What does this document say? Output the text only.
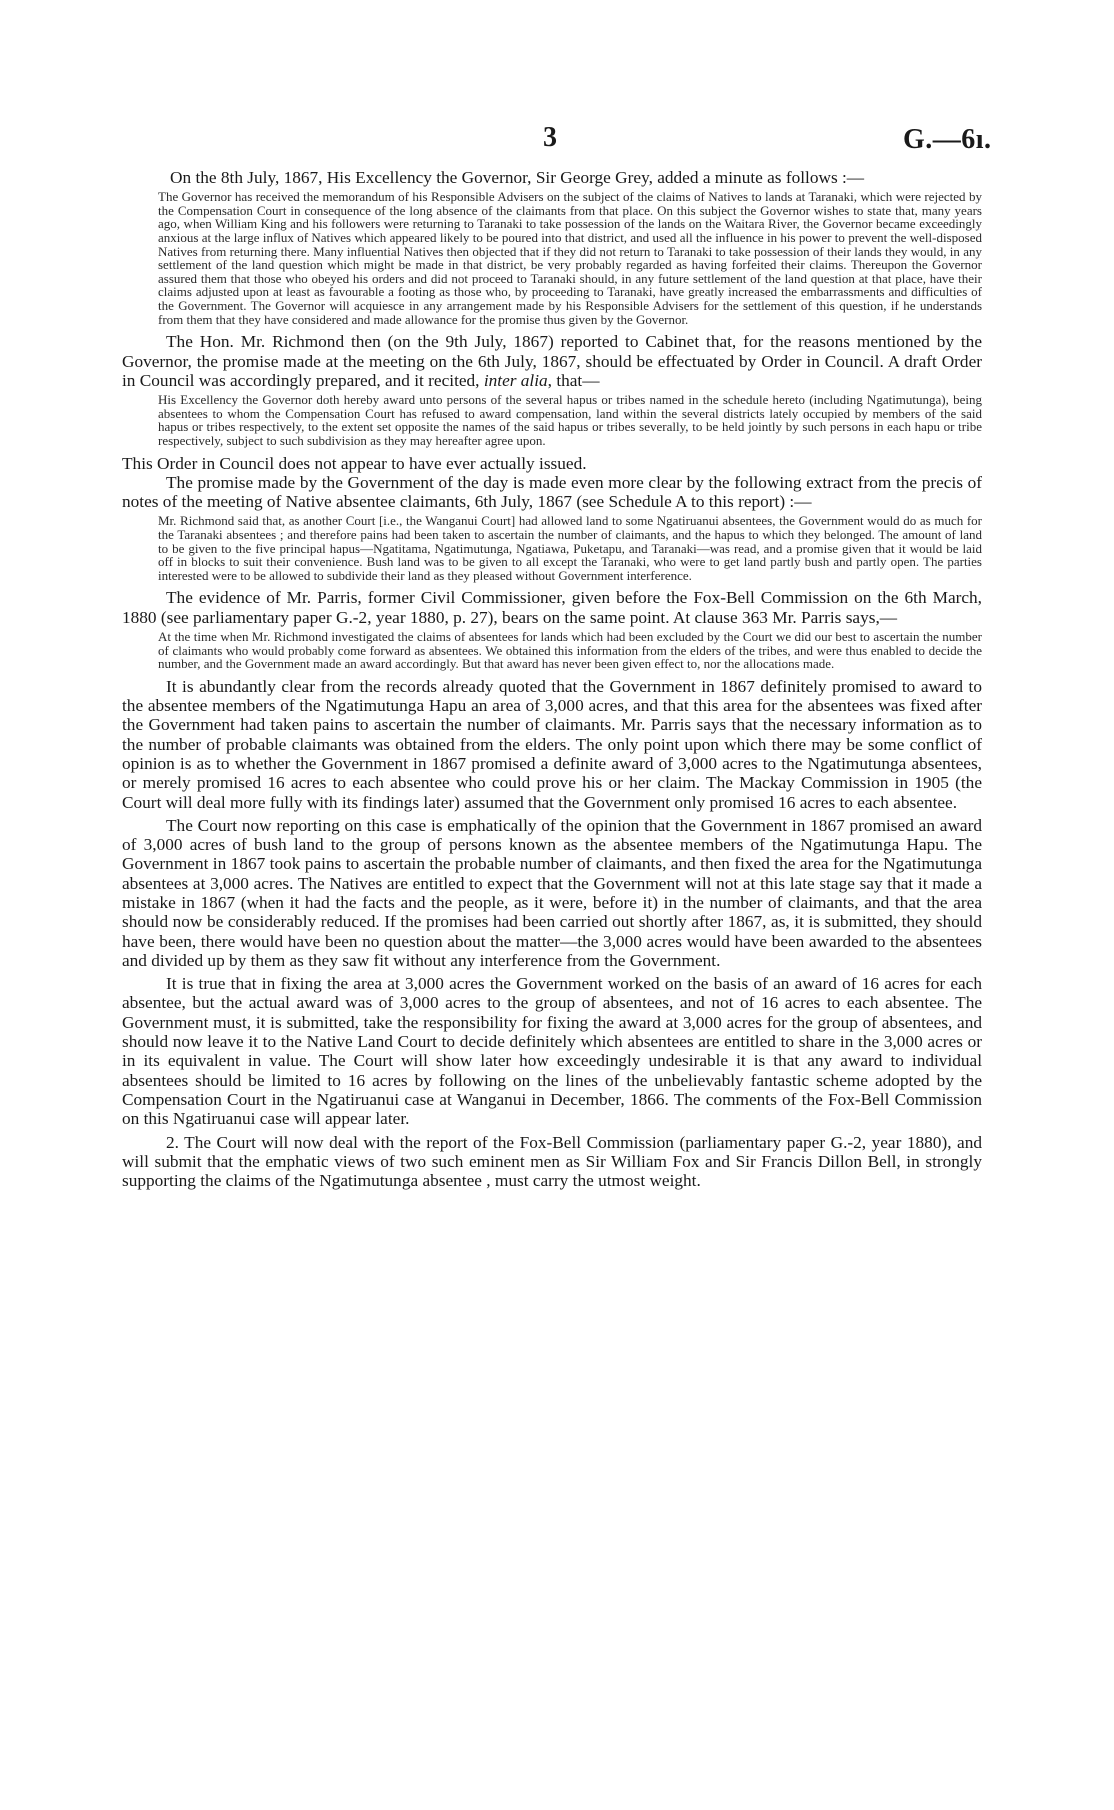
3	G.—6ı.

On the 8th July, 1867, His Excellency the Governor, Sir George Grey, added a minute as follows :—

The Governor has received the memorandum of his Responsible Advisers on the subject of the claims of Natives to lands at Taranaki, which were rejected by the Compensation Court in consequence of the long absence of the claimants from that place. On this subject the Governor wishes to state that, many years ago, when William King and his followers were returning to Taranaki to take possession of the lands on the Waitara River, the Governor became exceedingly anxious at the large influx of Natives which appeared likely to be poured into that district, and used all the influence in his power to prevent the well-disposed Natives from returning there. Many influential Natives then objected that if they did not return to Taranaki to take possession of their lands they would, in any settlement of the land question which might be made in that district, be very probably regarded as having forfeited their claims. Thereupon the Governor assured them that those who obeyed his orders and did not proceed to Taranaki should, in any future settlement of the land question at that place, have their claims adjusted upon at least as favourable a footing as those who, by proceeding to Taranaki, have greatly increased the embarrassments and difficulties of the Government. The Governor will acquiesce in any arrangement made by his Responsible Advisers for the settlement of this question, if he understands from them that they have considered and made allowance for the promise thus given by the Governor.

The Hon. Mr. Richmond then (on the 9th July, 1867) reported to Cabinet that, for the reasons mentioned by the Governor, the promise made at the meeting on the 6th July, 1867, should be effectuated by Order in Council. A draft Order in Council was accordingly prepared, and it recited, inter alia, that—

His Excellency the Governor doth hereby award unto persons of the several hapus or tribes named in the schedule hereto (including Ngatimutunga), being absentees to whom the Compensation Court has refused to award compensation, land within the several districts lately occupied by members of the said hapus or tribes respectively, to the extent set opposite the names of the said hapus or tribes severally, to be held jointly by such persons in each hapu or tribe respectively, subject to such subdivision as they may hereafter agree upon.

This Order in Council does not appear to have ever actually issued.

The promise made by the Government of the day is made even more clear by the following extract from the precis of notes of the meeting of Native absentee claimants, 6th July, 1867 (see Schedule A to this report) :—

Mr. Richmond said that, as another Court [i.e., the Wanganui Court] had allowed land to some Ngatiruanui absentees, the Government would do as much for the Taranaki absentees ; and therefore pains had been taken to ascertain the number of claimants, and the hapus to which they belonged. The amount of land to be given to the five principal hapus—Ngatitama, Ngatimutunga, Ngatiawa, Puketapu, and Taranaki—was read, and a promise given that it would be laid off in blocks to suit their convenience. Bush land was to be given to all except the Taranaki, who were to get land partly bush and partly open. The parties interested were to be allowed to subdivide their land as they pleased without Government interference.

The evidence of Mr. Parris, former Civil Commissioner, given before the Fox-Bell Commission on the 6th March, 1880 (see parliamentary paper G.-2, year 1880, p. 27), bears on the same point. At clause 363 Mr. Parris says,—

At the time when Mr. Richmond investigated the claims of absentees for lands which had been excluded by the Court we did our best to ascertain the number of claimants who would probably come forward as absentees. We obtained this information from the elders of the tribes, and were thus enabled to decide the number, and the Government made an award accordingly. But that award has never been given effect to, nor the allocations made.

It is abundantly clear from the records already quoted that the Government in 1867 definitely promised to award to the absentee members of the Ngatimutunga Hapu an area of 3,000 acres, and that this area for the absentees was fixed after the Government had taken pains to ascertain the number of claimants. Mr. Parris says that the necessary information as to the number of probable claimants was obtained from the elders. The only point upon which there may be some conflict of opinion is as to whether the Government in 1867 promised a definite award of 3,000 acres to the Ngatimutunga absentees, or merely promised 16 acres to each absentee who could prove his or her claim. The Mackay Commission in 1905 (the Court will deal more fully with its findings later) assumed that the Government only promised 16 acres to each absentee.

The Court now reporting on this case is emphatically of the opinion that the Government in 1867 promised an award of 3,000 acres of bush land to the group of persons known as the absentee members of the Ngatimutunga Hapu. The Government in 1867 took pains to ascertain the probable number of claimants, and then fixed the area for the Ngatimutunga absentees at 3,000 acres. The Natives are entitled to expect that the Government will not at this late stage say that it made a mistake in 1867 (when it had the facts and the people, as it were, before it) in the number of claimants, and that the area should now be considerably reduced. If the promises had been carried out shortly after 1867, as, it is submitted, they should have been, there would have been no question about the matter—the 3,000 acres would have been awarded to the absentees and divided up by them as they saw fit without any interference from the Government.

It is true that in fixing the area at 3,000 acres the Government worked on the basis of an award of 16 acres for each absentee, but the actual award was of 3,000 acres to the group of absentees, and not of 16 acres to each absentee. The Government must, it is submitted, take the responsibility for fixing the award at 3,000 acres for the group of absentees, and should now leave it to the Native Land Court to decide definitely which absentees are entitled to share in the 3,000 acres or in its equivalent in value. The Court will show later how exceedingly undesirable it is that any award to individual absentees should be limited to 16 acres by following on the lines of the unbelievably fantastic scheme adopted by the Compensation Court in the Ngatiruanui case at Wanganui in December, 1866. The comments of the Fox-Bell Commission on this Ngatiruanui case will appear later.

2. The Court will now deal with the report of the Fox-Bell Commission (parliamentary paper G.-2, year 1880), and will submit that the emphatic views of two such eminent men as Sir William Fox and Sir Francis Dillon Bell, in strongly supporting the claims of the Ngatimutunga absentee , must carry the utmost weight.
